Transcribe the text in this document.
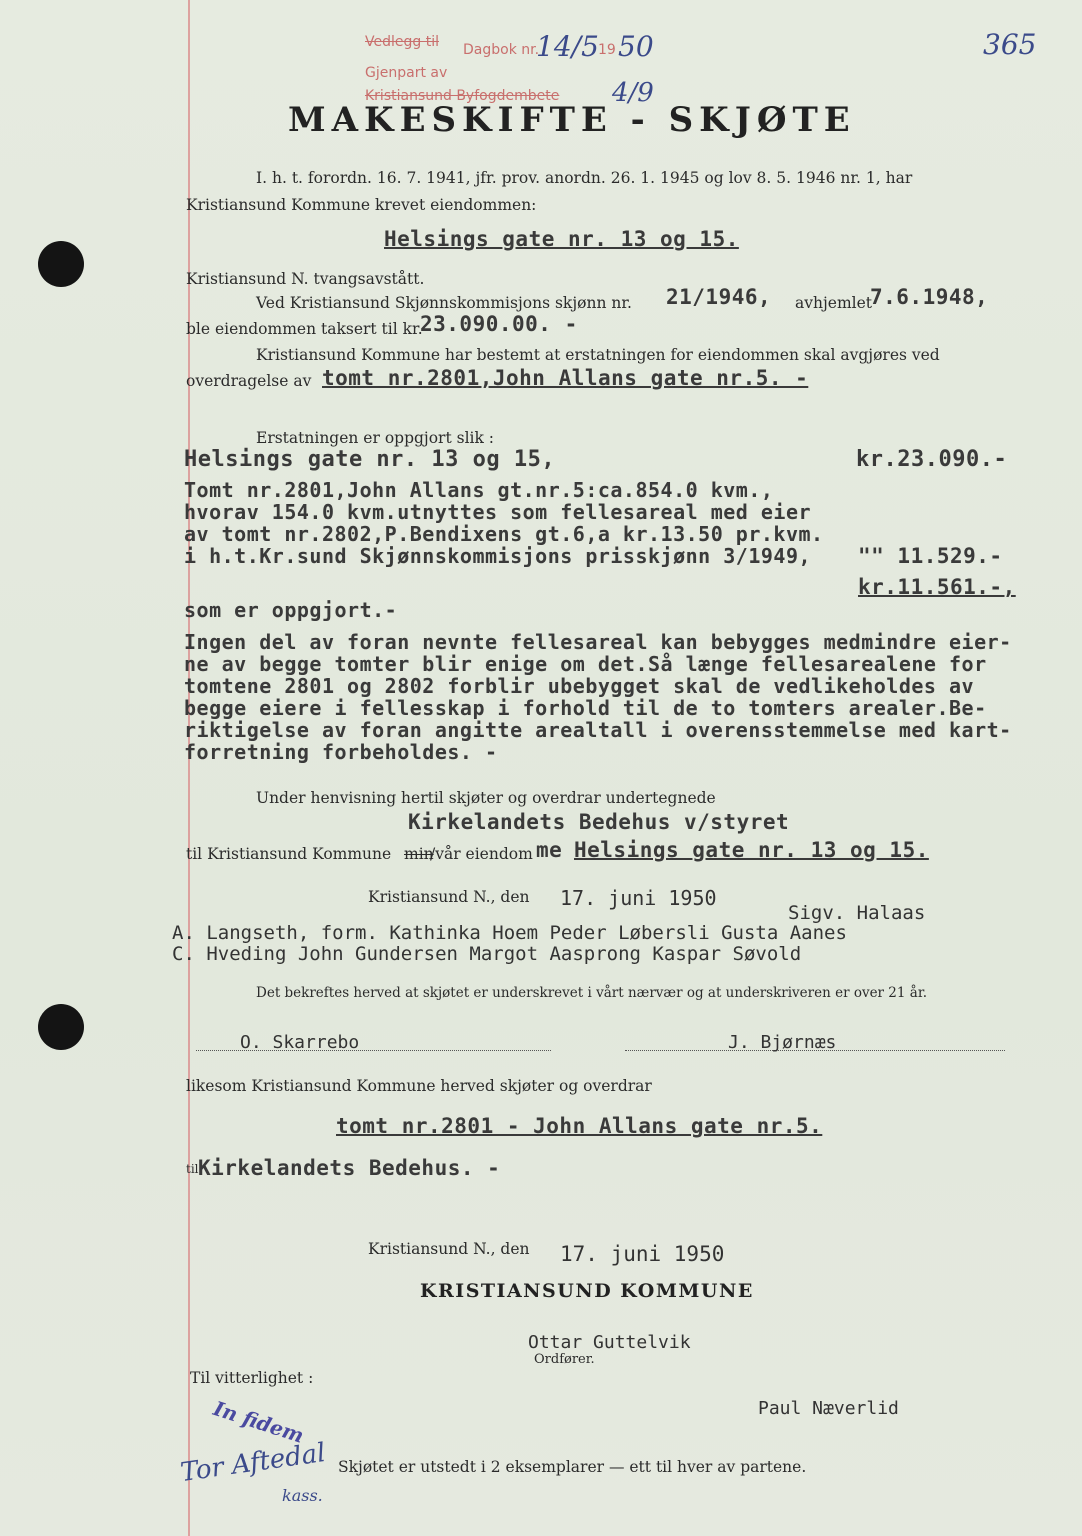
Vedlegg til Dagbok nr.
14/5 19 50
Gjenpart av
Kristiansund Byfogdembete 4/9
365
MAKESKIFTE - SKJØTE
I. h. t. forordn. 16. 7. 1941, jfr. prov. anordn. 26. 1. 1945 og lov 8. 5. 1946 nr. 1, har
Kristiansund Kommune krevet eiendommen:
Helsings gate nr. 13 og 15.
Kristiansund N. tvangsavstått.
Ved Kristiansund Skjønnskommisjons skjønn nr. 21/1946, avhjemlet
7.6.1948,
ble eiendommen taksert til kr.
23.090.00. -
Kristiansund Kommune har bestemt at erstatningen for eiendommen skal avgjøres ved
overdragelse av tomt nr.2801,John Allans gate nr.5. -
Erstatningen er oppgjort slik :
Helsings gate nr. 13 og 15,	kr.23.090.-
Tomt nr.2801,John Allans gt.nr.5:ca.854.0 kvm.,
hvorav 154.0 kvm.utnyttes som fellesareal med eier
av tomt nr.2802,P.Bendixens gt.6,a kr.13.50 pr.kvm.
i h.t.Kr.sund Skjønnskommisjons prisskjønn 3/1949, "" 11.529.-
kr.11.561.-,
som er oppgjort.-
Ingen del av foran nevnte fellesareal kan bebygges medmindre eier-
ne av begge tomter blir enige om det.Så længe fellesarealene for
tomtene 2801 og 2802 forblir ubebygget skal de vedlikeholdes av
begge eiere i fellesskap i forhold til de to tomters arealer.Be-
riktigelse av foran angitte arealtall i overensstemmelse med kart-
forretning forbeholdes. -
Under henvisning hertil skjøter og overdrar undertegnede
Kirkelandets Bedehus v/styret
til Kristiansund Kommune min
/vår eiendom me Helsings gate nr. 13 og 15.
Kristiansund N., den 17. juni 1950
Sigv. Halaas
A. Langseth, form. Kathinka Hoem Peder Løbersli Gusta Aanes
C. Hveding John Gundersen Margot Aasprong Kaspar Søvold
Det bekreftes herved at skjøtet er underskrevet i vårt nærvær og at underskriveren er over 21 år.
O. Skarrebo	J. Bjørnæs
likesom Kristiansund Kommune herved skjøter og overdrar
tomt nr.2801 - John Allans gate nr.5.
til Kirkelandets Bedehus. -
Kristiansund N., den 17. juni 1950
KRISTIANSUND KOMMUNE
Ottar Guttelvik
Ordfører.
Til vitterlighet :
Paul Næverlid
In fidem
Tor Aftedal
kass.
Skjøtet er utstedt i 2 eksemplarer — ett til hver av partene.
